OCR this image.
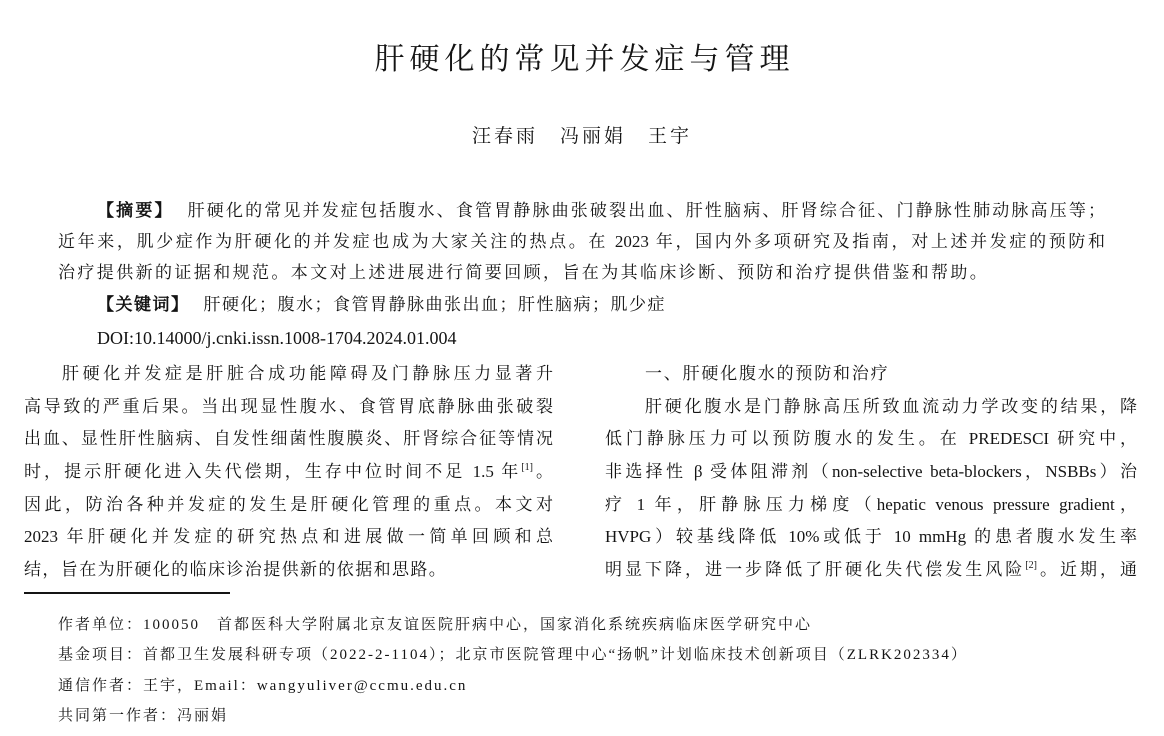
肝硬化的常见并发症与管理
汪春雨 冯丽娟 王宇
【摘要】 肝硬化的常见并发症包括腹水、食管胃静脉曲张破裂出血、肝性脑病、肝肾综合征、门静脉性肺动脉高压等；
近年来，肌少症作为肝硬化的并发症也成为大家关注的热点。在 2023 年，国内外多项研究及指南，对上述并发症的预防和
治疗提供新的证据和规范。本文对上述进展进行简要回顾，旨在为其临床诊断、预防和治疗提供借鉴和帮助。
【关键词】 肝硬化；腹水；食管胃静脉曲张出血；肝性脑病；肌少症
DOI:10.14000/j.cnki.issn.1008-1704.2024.01.004
肝硬化并发症是肝脏合成功能障碍及门静脉压力显著升
高导致的严重后果。当出现显性腹水、食管胃底静脉曲张破裂
出血、显性肝性脑病、自发性细菌性腹膜炎、肝肾综合征等情况
时，提示肝硬化进入失代偿期，生存中位时间不足 1.5 年[1]。
因此，防治各种并发症的发生是肝硬化管理的重点。本文对
2023 年肝硬化并发症的研究热点和进展做一简单回顾和总
结，旨在为肝硬化的临床诊治提供新的依据和思路。
一、肝硬化腹水的预防和治疗
肝硬化腹水是门静脉高压所致血流动力学改变的结果，降
低门静脉压力可以预防腹水的发生。在 PREDESCI 研究中，
非选择性 β 受体阻滞剂（non-selective beta-blockers，NSBBs）治
疗 1 年，肝静脉压力梯度（hepatic venous pressure gradient，
HVPG）较基线降低 10%或低于 10 mmHg 的患者腹水发生率
明显下降，进一步降低了肝硬化失代偿发生风险[2]。近期，通
作者单位：100050　首都医科大学附属北京友谊医院肝病中心，国家消化系统疾病临床医学研究中心
基金项目：首都卫生发展科研专项（2022-2-1104）；北京市医院管理中心“扬帆”计划临床技术创新项目（ZLRK202334）
通信作者：王宇，Email：wangyuliver@ccmu.edu.cn
共同第一作者：冯丽娟
